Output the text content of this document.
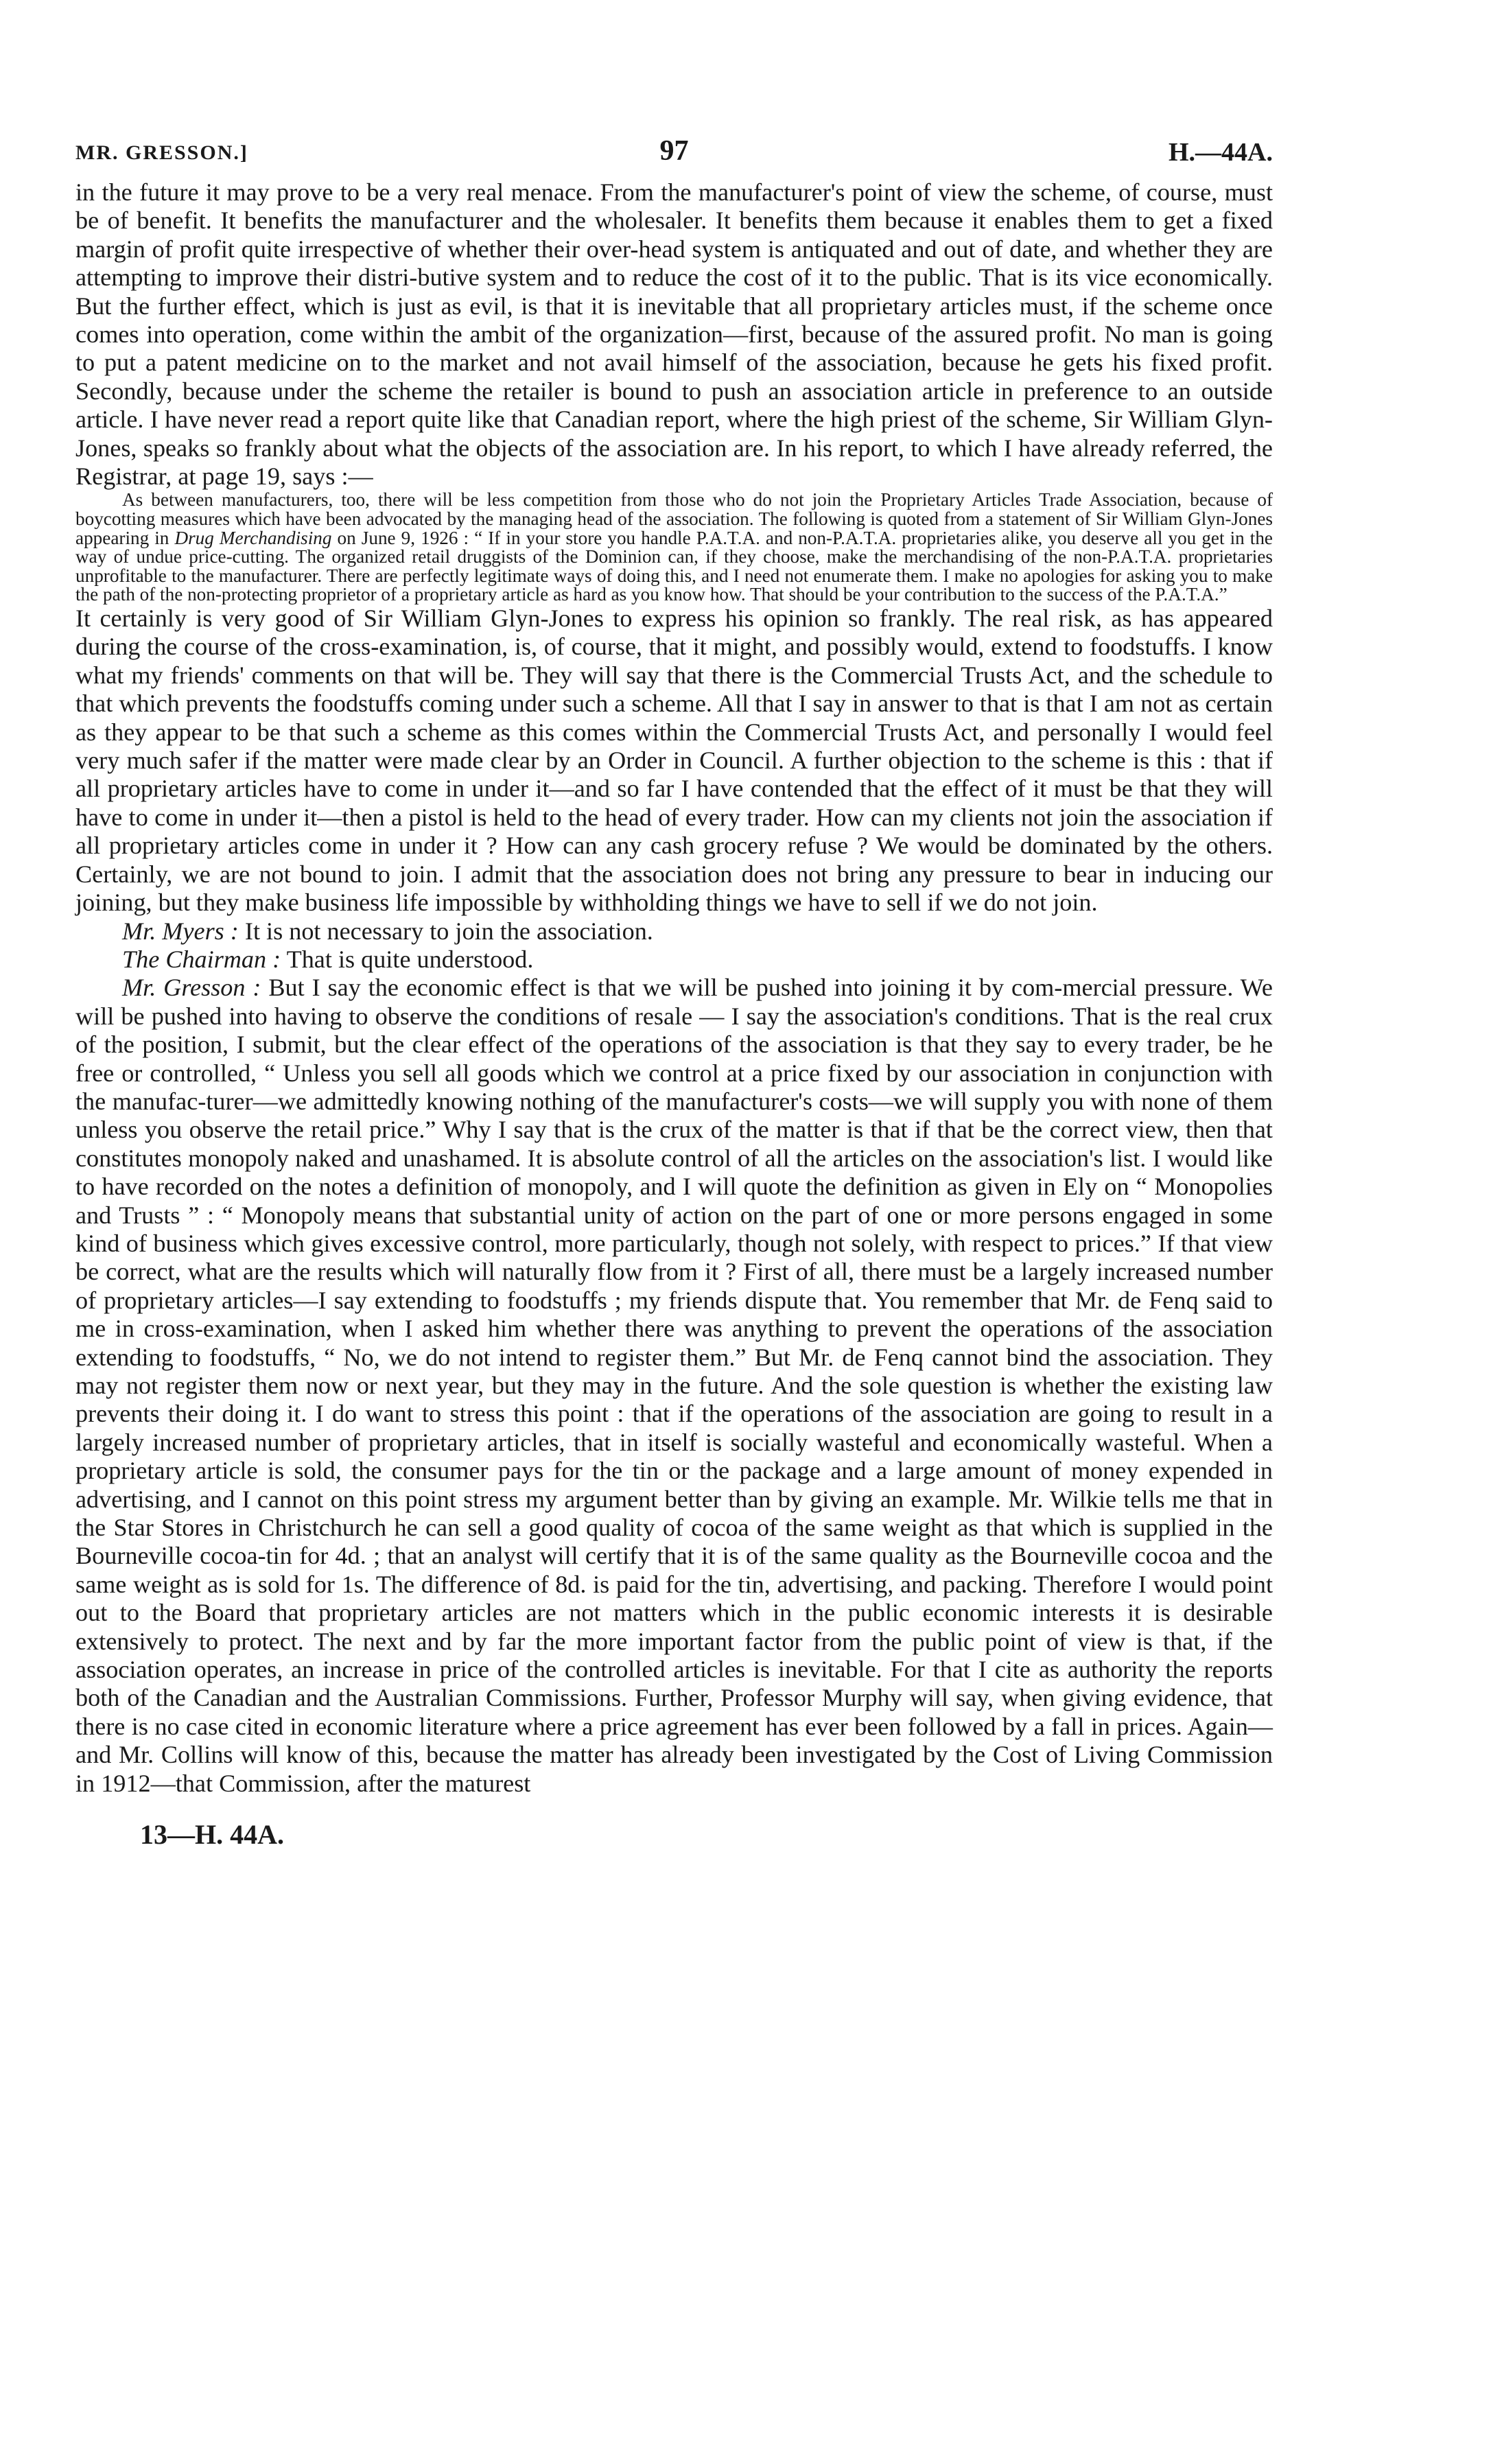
MR. GRESSON.]	97	H.—44A.

in the future it may prove to be a very real menace. From the manufacturer's point of view the scheme, of course, must be of benefit. It benefits the manufacturer and the wholesaler. It benefits them because it enables them to get a fixed margin of profit quite irrespective of whether their over-head system is antiquated and out of date, and whether they are attempting to improve their distri-butive system and to reduce the cost of it to the public. That is its vice economically. But the further effect, which is just as evil, is that it is inevitable that all proprietary articles must, if the scheme once comes into operation, come within the ambit of the organization—first, because of the assured profit. No man is going to put a patent medicine on to the market and not avail himself of the association, because he gets his fixed profit. Secondly, because under the scheme the retailer is bound to push an association article in preference to an outside article. I have never read a report quite like that Canadian report, where the high priest of the scheme, Sir William Glyn-Jones, speaks so frankly about what the objects of the association are. In his report, to which I have already referred, the Registrar, at page 19, says :—

As between manufacturers, too, there will be less competition from those who do not join the Proprietary Articles Trade Association, because of boycotting measures which have been advocated by the managing head of the association. The following is quoted from a statement of Sir William Glyn-Jones appearing in Drug Merchandising on June 9, 1926 : “ If in your store you handle P.A.T.A. and non-P.A.T.A. proprietaries alike, you deserve all you get in the way of undue price-cutting. The organized retail druggists of the Dominion can, if they choose, make the merchandising of the non-P.A.T.A. proprietaries unprofitable to the manufacturer. There are perfectly legitimate ways of doing this, and I need not enumerate them. I make no apologies for asking you to make the path of the non-protecting proprietor of a proprietary article as hard as you know how. That should be your contribution to the success of the P.A.T.A.”

It certainly is very good of Sir William Glyn-Jones to express his opinion so frankly. The real risk, as has appeared during the course of the cross-examination, is, of course, that it might, and possibly would, extend to foodstuffs. I know what my friends' comments on that will be. They will say that there is the Commercial Trusts Act, and the schedule to that which prevents the foodstuffs coming under such a scheme. All that I say in answer to that is that I am not as certain as they appear to be that such a scheme as this comes within the Commercial Trusts Act, and personally I would feel very much safer if the matter were made clear by an Order in Council. A further objection to the scheme is this : that if all proprietary articles have to come in under it—and so far I have contended that the effect of it must be that they will have to come in under it—then a pistol is held to the head of every trader. How can my clients not join the association if all proprietary articles come in under it ? How can any cash grocery refuse ? We would be dominated by the others. Certainly, we are not bound to join. I admit that the association does not bring any pressure to bear in inducing our joining, but they make business life impossible by withholding things we have to sell if we do not join.

Mr. Myers : It is not necessary to join the association.

The Chairman : That is quite understood.

Mr. Gresson : But I say the economic effect is that we will be pushed into joining it by com-mercial pressure. We will be pushed into having to observe the conditions of resale — I say the association's conditions. That is the real crux of the position, I submit, but the clear effect of the operations of the association is that they say to every trader, be he free or controlled, “ Unless you sell all goods which we control at a price fixed by our association in conjunction with the manufac-turer—we admittedly knowing nothing of the manufacturer's costs—we will supply you with none of them unless you observe the retail price.” Why I say that is the crux of the matter is that if that be the correct view, then that constitutes monopoly naked and unashamed. It is absolute control of all the articles on the association's list. I would like to have recorded on the notes a definition of monopoly, and I will quote the definition as given in Ely on “ Monopolies and Trusts ” : “ Monopoly means that substantial unity of action on the part of one or more persons engaged in some kind of business which gives excessive control, more particularly, though not solely, with respect to prices.” If that view be correct, what are the results which will naturally flow from it ? First of all, there must be a largely increased number of proprietary articles—I say extending to foodstuffs ; my friends dispute that. You remember that Mr. de Fenq said to me in cross-examination, when I asked him whether there was anything to prevent the operations of the association extending to foodstuffs, “ No, we do not intend to register them.” But Mr. de Fenq cannot bind the association. They may not register them now or next year, but they may in the future. And the sole question is whether the existing law prevents their doing it. I do want to stress this point : that if the operations of the association are going to result in a largely increased number of proprietary articles, that in itself is socially wasteful and economically wasteful. When a proprietary article is sold, the consumer pays for the tin or the package and a large amount of money expended in advertising, and I cannot on this point stress my argument better than by giving an example. Mr. Wilkie tells me that in the Star Stores in Christchurch he can sell a good quality of cocoa of the same weight as that which is supplied in the Bourneville cocoa-tin for 4d. ; that an analyst will certify that it is of the same quality as the Bourneville cocoa and the same weight as is sold for 1s. The difference of 8d. is paid for the tin, advertising, and packing. Therefore I would point out to the Board that proprietary articles are not matters which in the public economic interests it is desirable extensively to protect. The next and by far the more important factor from the public point of view is that, if the association operates, an increase in price of the controlled articles is inevitable. For that I cite as authority the reports both of the Canadian and the Australian Commissions. Further, Professor Murphy will say, when giving evidence, that there is no case cited in economic literature where a price agreement has ever been followed by a fall in prices. Again—and Mr. Collins will know of this, because the matter has already been investigated by the Cost of Living Commission in 1912—that Commission, after the maturest

13—H. 44A.
